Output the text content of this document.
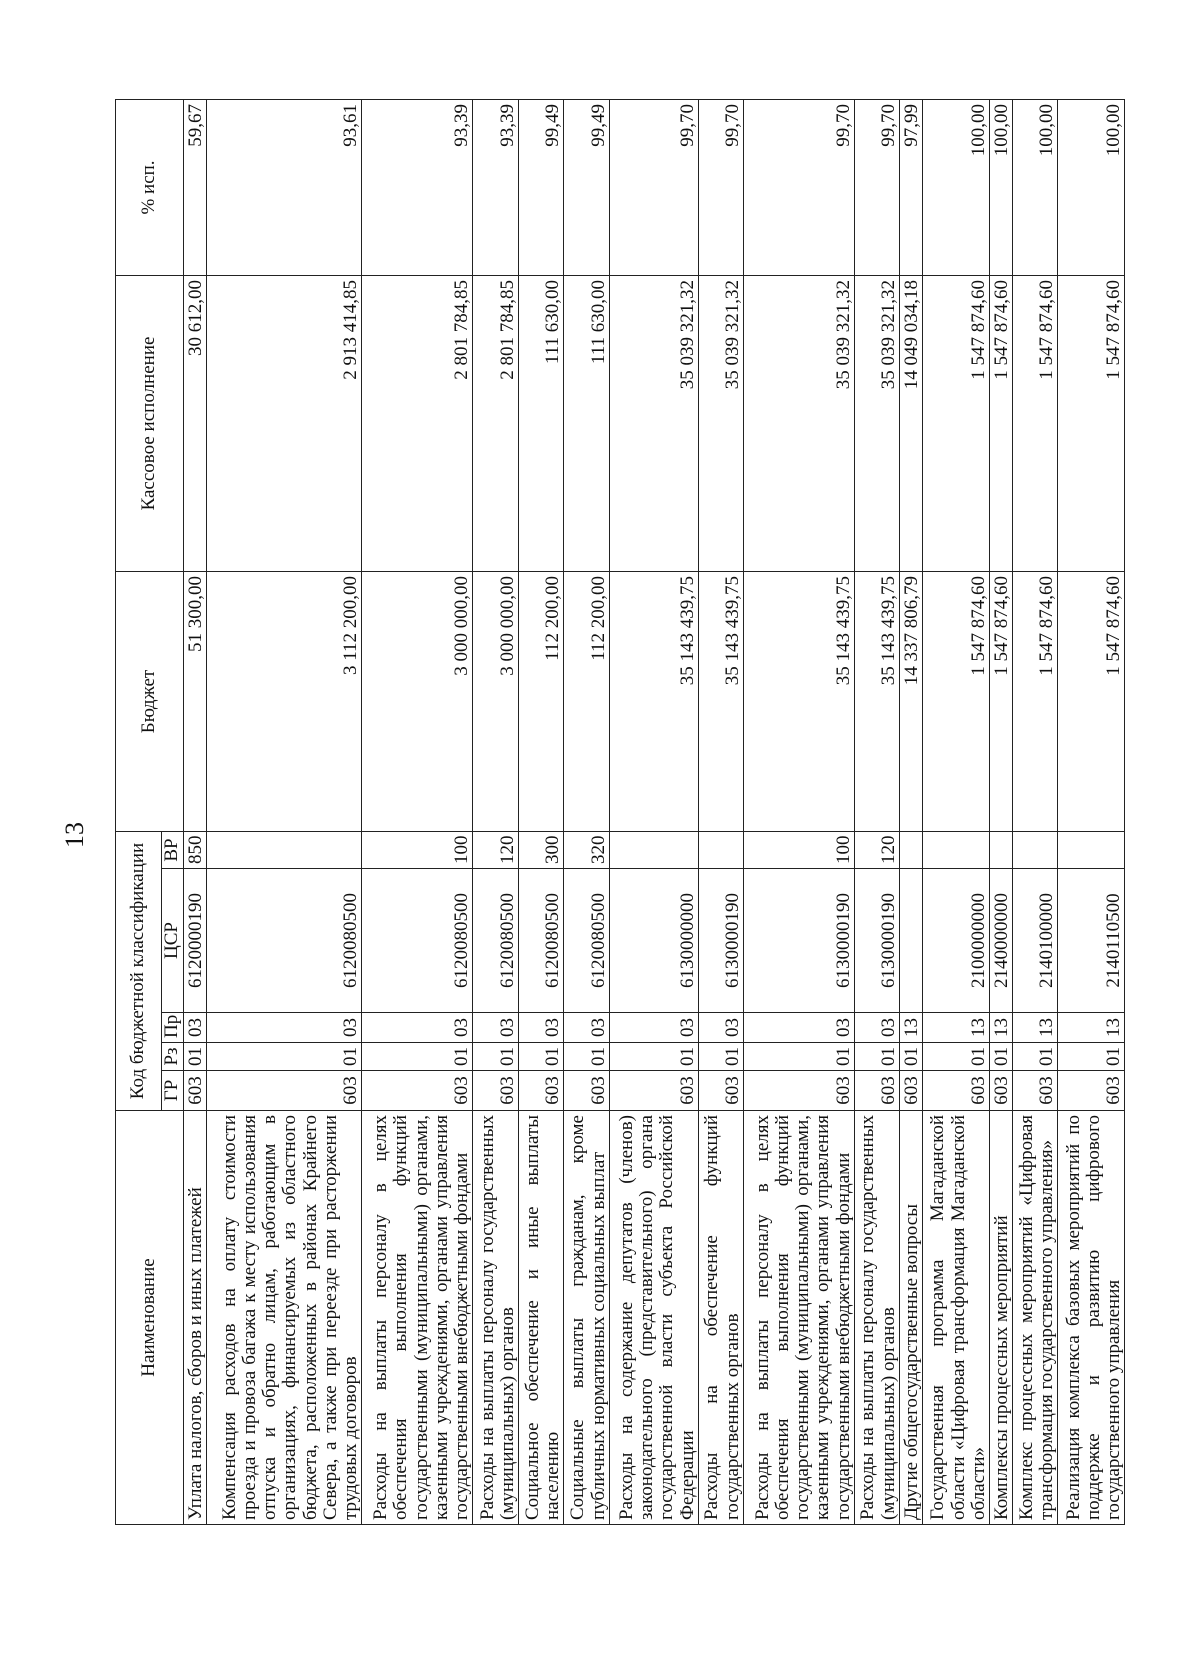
13
Наименование	Код бюджетной классификации					Бюджет	Кассовое исполнение	% исп.
	ГР	Рз	Пр	ЦСР	ВР			
Уплата налогов, сборов и иных платежей	603	01	03	6120000190	850	51 300,00	30 612,00	59,67
Компенсация расходов на оплату стоимости проезда и провоза багажа к месту использования отпуска и обратно лицам, работающим в организациях, финансируемых из областного бюджета, расположенных в районах Крайнего Севера, а также при переезде при расторжении трудовых договоров	603	01	03	6120080500		3 112 200,00	2 913 414,85	93,61
Расходы на выплаты персоналу в целях обеспечения выполнения функций государственными (муниципальными) органами, казенными учреждениями, органами управления государственными внебюджетными фондами	603	01	03	6120080500	100	3 000 000,00	2 801 784,85	93,39
Расходы на выплаты персоналу государственных (муниципальных) органов	603	01	03	6120080500	120	3 000 000,00	2 801 784,85	93,39
Социальное обеспечение и иные выплаты населению	603	01	03	6120080500	300	112 200,00	111 630,00	99,49
Социальные выплаты гражданам, кроме публичных нормативных социальных выплат	603	01	03	6120080500	320	112 200,00	111 630,00	99,49
Расходы на содержание депутатов (членов) законодательного (представительного) органа государственной власти субъекта Российской Федерации	603	01	03	6130000000		35 143 439,75	35 039 321,32	99,70
Расходы на обеспечение функций государственных органов	603	01	03	6130000190		35 143 439,75	35 039 321,32	99,70
Расходы на выплаты персоналу в целях обеспечения выполнения функций государственными (муниципальными) органами, казенными учреждениями, органами управления государственными внебюджетными фондами	603	01	03	6130000190	100	35 143 439,75	35 039 321,32	99,70
Расходы на выплаты персоналу государственных (муниципальных) органов	603	01	03	6130000190	120	35 143 439,75	35 039 321,32	99,70
Другие общегосударственные вопросы	603	01	13			14 337 806,79	14 049 034,18	97,99
Государственная программа Магаданской области «Цифровая трансформация Магаданской области»	603	01	13	2100000000		1 547 874,60	1 547 874,60	100,00
Комплексы процессных мероприятий	603	01	13	2140000000		1 547 874,60	1 547 874,60	100,00
Комплекс процессных мероприятий «Цифровая трансформация государственного управления»	603	01	13	2140100000		1 547 874,60	1 547 874,60	100,00
Реализация комплекса базовых мероприятий по поддержке и развитию цифрового государственного управления	603	01	13	2140110500		1 547 874,60	1 547 874,60	100,00
